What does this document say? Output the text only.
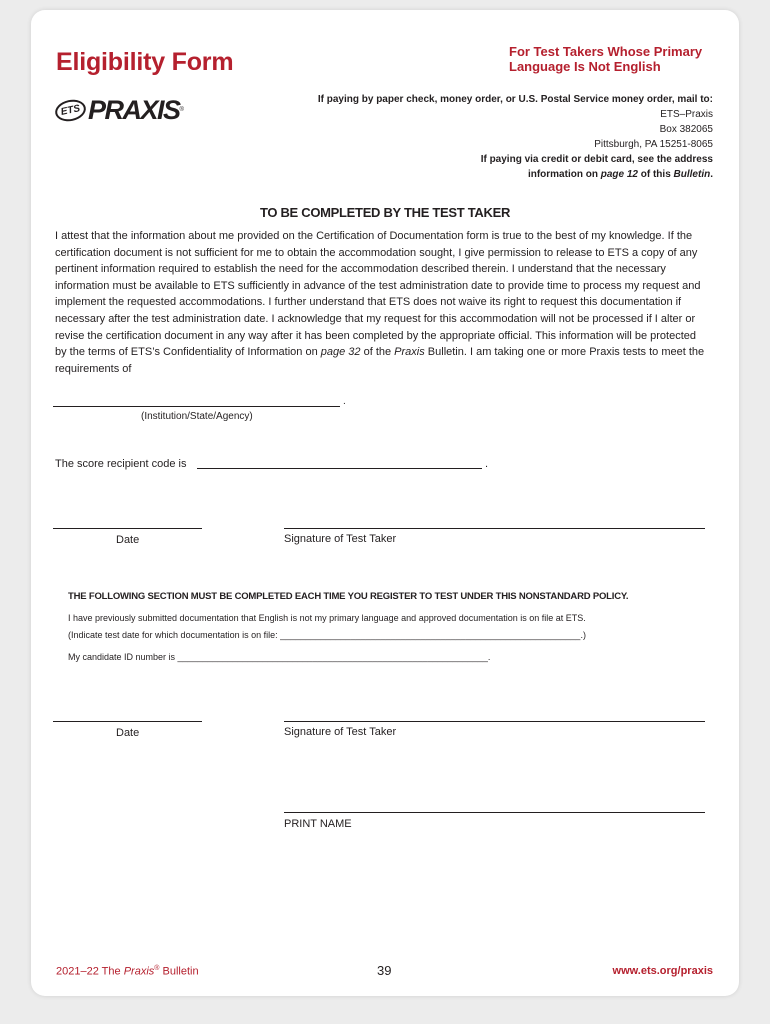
Eligibility Form	For Test Takers Whose Primary
Language Is Not English
ETS PRAXIS ®
If paying by paper check, money order, or U.S. Postal Service money order, mail to:
ETS–Praxis
Box 382065
Pittsburgh, PA 15251-8065
If paying via credit or debit card, see the address
information on page 12 of this Bulletin.
TO BE COMPLETED BY THE TEST TAKER
I attest that the information about me provided on the Certification of Documentation form is true to the best of my knowledge. If the certification document is not sufficient for me to obtain the accommodation sought, I give permission to release to ETS a copy of any pertinent information required to establish the need for the accommodation described therein. I understand that the necessary information must be available to ETS sufficiently in advance of the test administration date to provide time to process my request and implement the requested accommodations. I further understand that ETS does not waive its right to request this documentation if necessary after the test administration date. I acknowledge that my request for this accommodation will not be processed if I alter or revise the certification document in any way after it has been completed by the appropriate official. This information will be protected by the terms of ETS’s Confidentiality of Information on page 32 of the Praxis Bulletin. I am taking one or more Praxis tests to meet the requirements of
.
(Institution/State/Agency)
The score recipient code is	.
Date	Signature of Test Taker
THE FOLLOWING SECTION MUST BE COMPLETED EACH TIME YOU REGISTER TO TEST UNDER THIS NONSTANDARD POLICY.
I have previously submitted documentation that English is not my primary language and approved documentation is on file at ETS.
(Indicate test date for which documentation is on file: ____________________________________________________________.)
My candidate ID number is ______________________________________________________________.
Date	Signature of Test Taker
PRINT NAME
2021–22 The Praxis® Bulletin	39	www.ets.org/praxis
